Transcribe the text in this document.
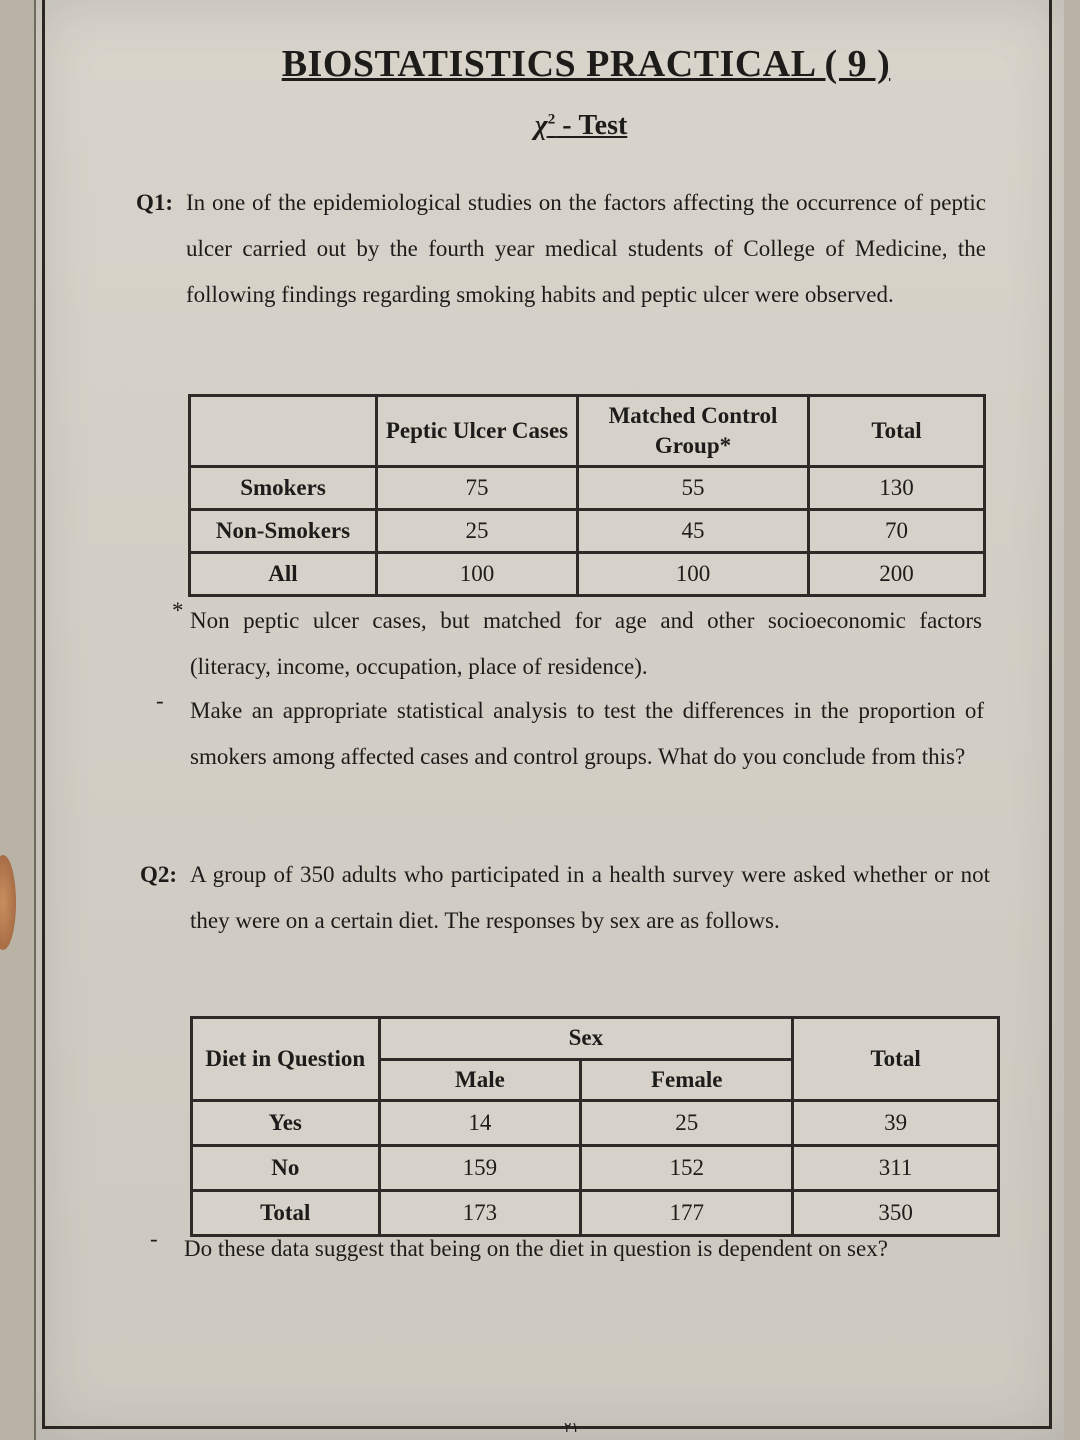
BIOSTATISTICS PRACTICAL ( 9 )
$\chi^2$ - Test
Q1: In one of the epidemiological studies on the factors affecting the occurrence of peptic ulcer carried out by the fourth year medical students of College of Medicine, the following findings regarding smoking habits and peptic ulcer were observed.
	Peptic Ulcer Cases	Matched Control Group*	Total
Smokers	75	55	130
Non-Smokers	25	45	70
All	100	100	200
* Non peptic ulcer cases, but matched for age and other socioeconomic factors (literacy, income, occupation, place of residence).
- Make an appropriate statistical analysis to test the differences in the proportion of smokers among affected cases and control groups. What do you conclude from this?
Q2: A group of 350 adults who participated in a health survey were asked whether or not they were on a certain diet. The responses by sex are as follows.
Diet in Question	Sex		Total
	Male	Female	
Yes	14	25	39
No	159	152	311
Total	173	177	350
- Do these data suggest that being on the diet in question is dependent on sex?
٢١
